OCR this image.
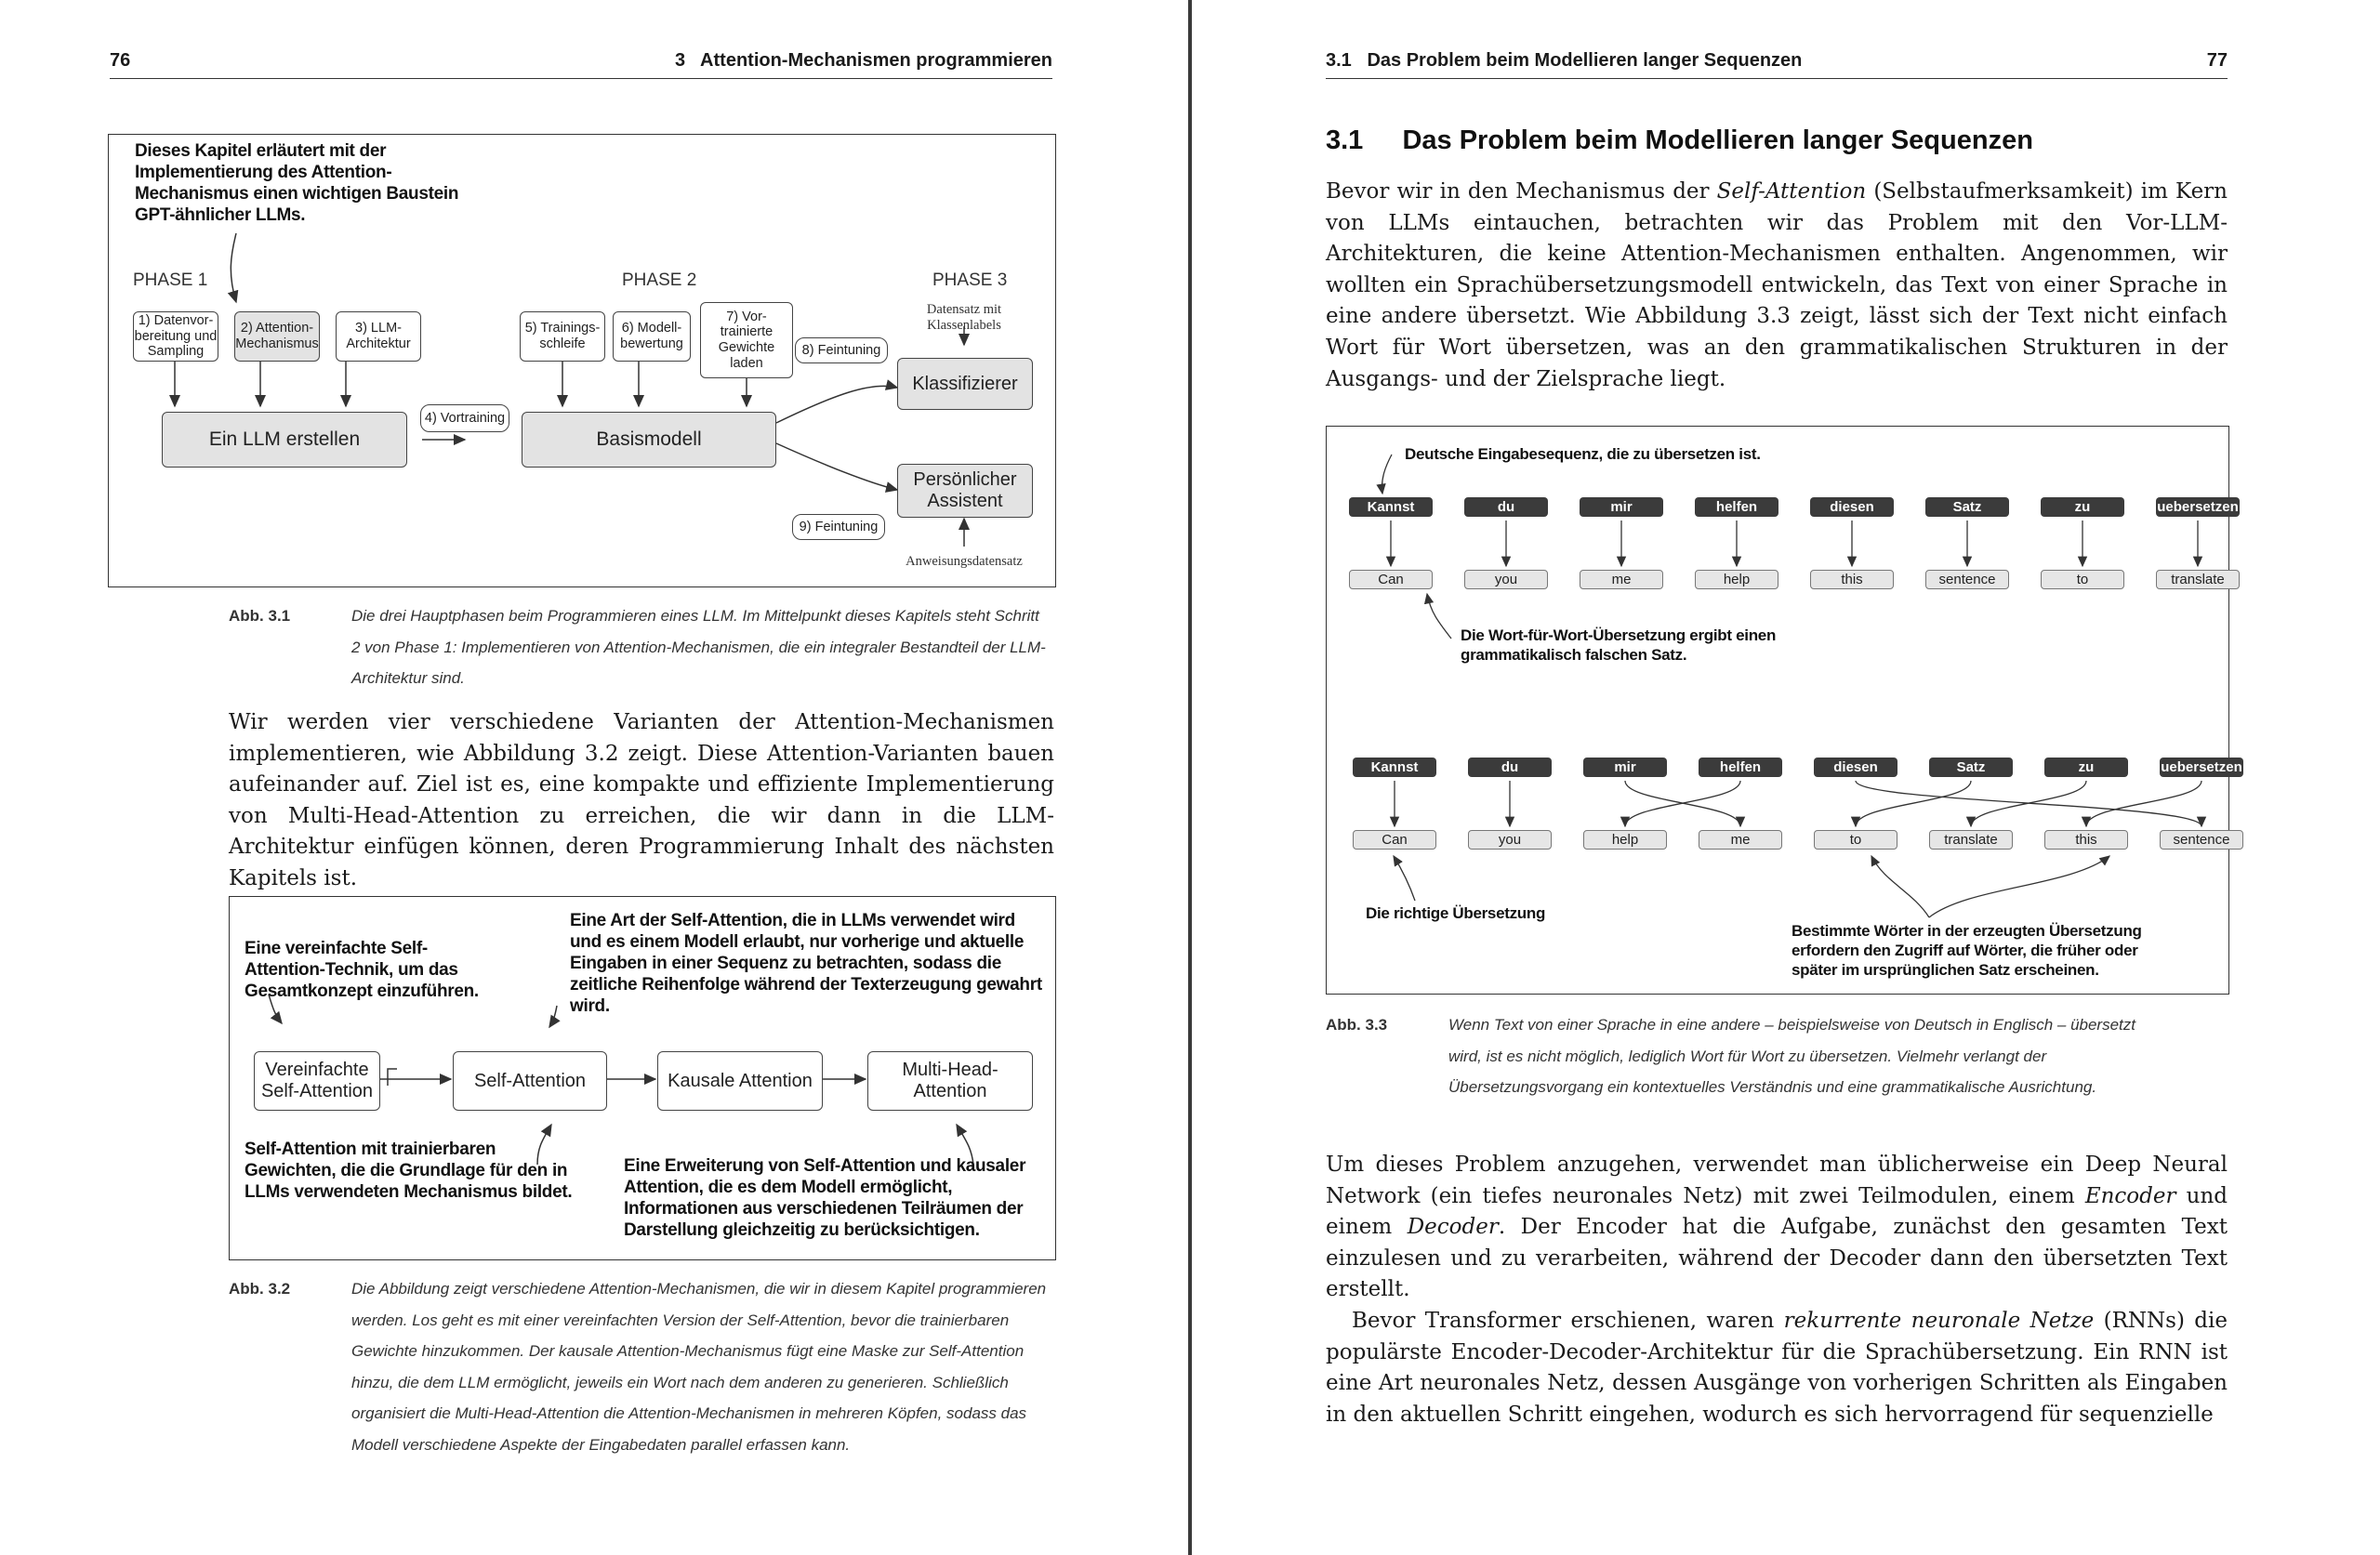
76	3   Attention-Mechanismen programmieren
Dieses Kapitel erläutert mit der Implementierung des Attention-Mechanismus einen wichtigen Baustein GPT-ähnlicher LLMs.
PHASE 1	PHASE 2	PHASE 3
1) Datenvor-bereitung und Sampling
2) Attention-Mechanismus
3) LLM-Architektur
5) Trainings-schleife
6) Modell-bewertung
7) Vor-trainierte Gewichte laden
8) Feintuning
4) Vortraining
9) Feintuning
Ein LLM erstellen	Basismodell
Klassifizierer
Persönlicher Assistent
Datensatz mit Klassenlabels
Anweisungsdatensatz
Abb. 3.1	Die drei Hauptphasen beim Programmieren eines LLM. Im Mittelpunkt dieses Kapitels steht Schritt 2 von Phase 1: Implementieren von Attention-Mechanismen, die ein integraler Bestandteil der LLM-Architektur sind.

Wir werden vier verschiedene Varianten der Attention-Mechanismen implementieren, wie Abbildung 3.2 zeigt. Diese Attention-Varianten bauen aufeinander auf. Ziel ist es, eine kompakte und effiziente Implementierung von Multi-Head-Attention zu erreichen, die wir dann in die LLM-Architektur einfügen können, deren Programmierung Inhalt des nächsten Kapitels ist.

Eine vereinfachte Self-Attention-Technik, um das Gesamtkonzept einzuführen.
Eine Art der Self-Attention, die in LLMs verwendet wird und es einem Modell erlaubt, nur vorherige und aktuelle Eingaben in einer Sequenz zu betrachten, sodass die zeitliche Reihenfolge während der Texterzeugung gewahrt wird.
Vereinfachte Self-Attention
Self-Attention	Kausale Attention
Multi-Head-Attention
Self-Attention mit trainierbaren Gewichten, die die Grundlage für den in LLMs verwendeten Mechanismus bildet.
Eine Erweiterung von Self-Attention und kausaler Attention, die es dem Modell ermöglicht, Informationen aus verschiedenen Teilräumen der Darstellung gleichzeitig zu berücksichtigen.
Abb. 3.2	Die Abbildung zeigt verschiedene Attention-Mechanismen, die wir in diesem Kapitel programmieren werden. Los geht es mit einer vereinfachten Version der Self-Attention, bevor die trainierbaren Gewichte hinzukommen. Der kausale Attention-Mechanismus fügt eine Maske zur Self-Attention hinzu, die dem LLM ermöglicht, jeweils ein Wort nach dem anderen zu generieren. Schließlich organisiert die Multi-Head-Attention die Attention-Mechanismen in mehreren Köpfen, sodass das Modell verschiedene Aspekte der Eingabedaten parallel erfassen kann.
3.1   Das Problem beim Modellieren langer Sequenzen	77
3.1 Das Problem beim Modellieren langer Sequenzen

Bevor wir in den Mechanismus der Self-Attention (Selbstaufmerksamkeit) im Kern von LLMs eintauchen, betrachten wir das Problem mit den Vor-LLM-Architekturen, die keine Attention-Mechanismen enthalten. Angenommen, wir wollten ein Sprachübersetzungsmodell entwickeln, das Text von einer Sprache in eine andere übersetzt. Wie Abbildung 3.3 zeigt, lässt sich der Text nicht einfach Wort für Wort übersetzen, was an den grammatikalischen Strukturen in der Ausgangs- und der Zielsprache liegt.

Deutsche Eingabesequenz, die zu übersetzen ist.
Kannst	du	mir	helfen	diesen	Satz	zu	uebersetzen
Can	you	me	help	this	sentence	to	translate
Die Wort-für-Wort-Übersetzung ergibt einen grammatikalisch falschen Satz.
Kannst	du	mir	helfen	diesen	Satz	zu	uebersetzen
Can	you	help	me	to	translate	this	sentence
Die richtige Übersetzung
Bestimmte Wörter in der erzeugten Übersetzung erfordern den Zugriff auf Wörter, die früher oder später im ursprünglichen Satz erscheinen.
Abb. 3.3	Wenn Text von einer Sprache in eine andere – beispielsweise von Deutsch in Englisch – übersetzt wird, ist es nicht möglich, lediglich Wort für Wort zu übersetzen. Vielmehr verlangt der Übersetzungsvorgang ein kontextuelles Verständnis und eine grammatikalische Ausrichtung.

Um dieses Problem anzugehen, verwendet man üblicherweise ein Deep Neural Network (ein tiefes neuronales Netz) mit zwei Teilmodulen, einem Encoder und einem Decoder. Der Encoder hat die Aufgabe, zunächst den gesamten Text einzulesen und zu verarbeiten, während der Decoder dann den übersetzten Text erstellt.

Bevor Transformer erschienen, waren rekurrente neuronale Netze (RNNs) die populärste Encoder-Decoder-Architektur für die Sprachübersetzung. Ein RNN ist eine Art neuronales Netz, dessen Ausgänge von vorherigen Schritten als Eingaben in den aktuellen Schritt eingehen, wodurch es sich hervorragend für sequenzielle
